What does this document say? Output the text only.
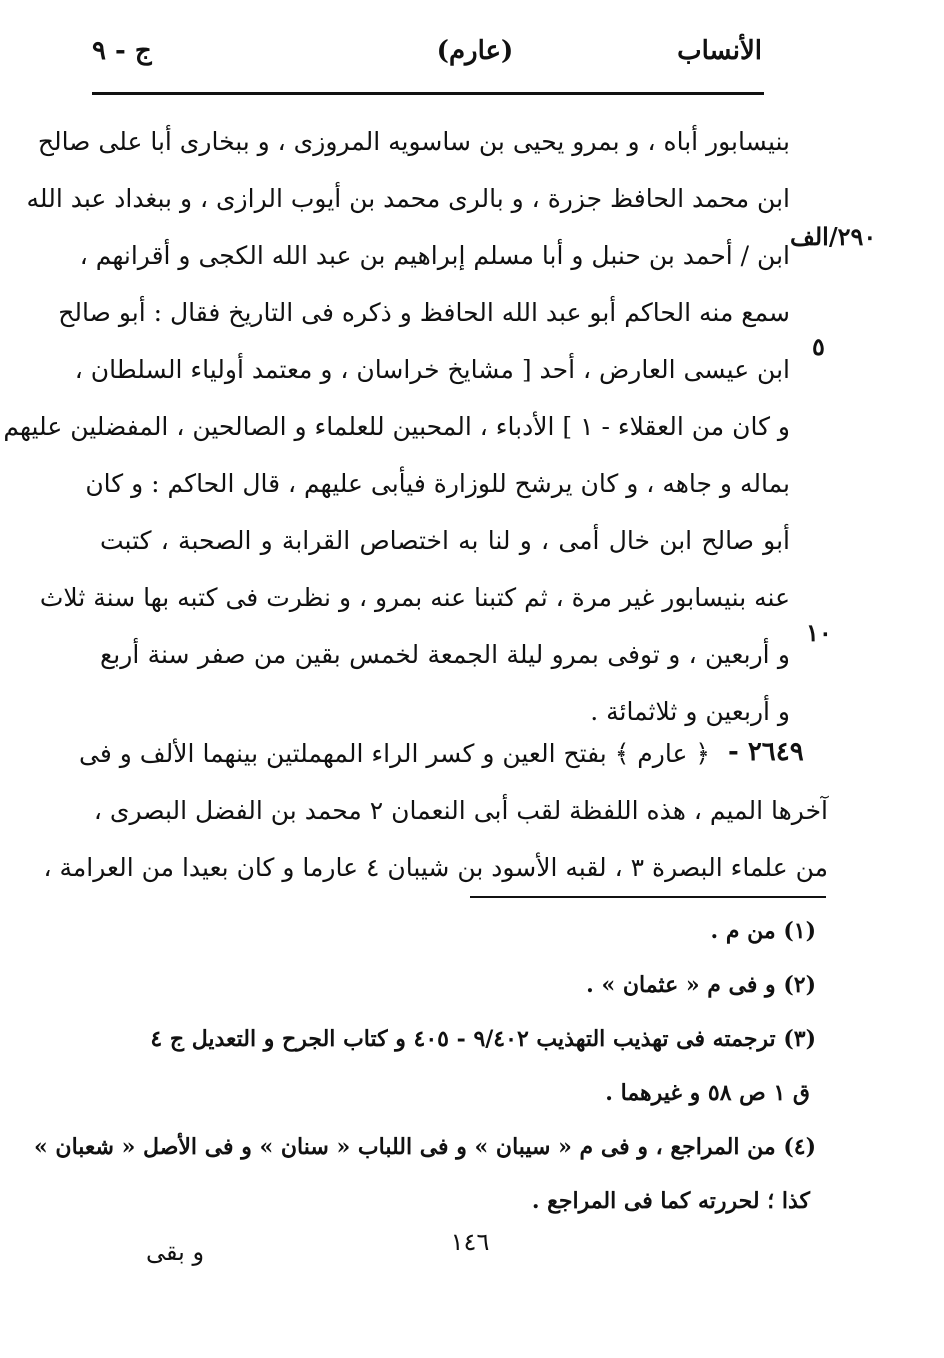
الأنساب
(عارم)
ج - ٩
٢٩٠/الف
٥
١٠
بنيسابور أباه ، و بمرو يحيى بن ساسويه المروزى ، و ببخارى أبا على صالح
ابن محمد الحافظ جزرة ، و بالرى محمد بن أيوب الرازى ، و ببغداد عبد الله
ابن / أحمد بن حنبل و أبا مسلم إبراهيم بن عبد الله الكجى و أقرانهم ،
سمع منه الحاكم أبو عبد الله الحافظ و ذكره فى التاريخ فقال : أبو صالح
ابن عيسى العارض ، أحد [ مشايخ خراسان ، و معتمد أولياء السلطان ،
و كان من العقلاء - ١ ] الأدباء ، المحبين للعلماء و الصالحين ، المفضلين عليهم
بماله و جاهه ، و كان يرشح للوزارة فيأبى عليهم ، قال الحاكم : و كان
أبو صالح ابن خال أمى ، و لنا به اختصاص القرابة و الصحبة ، كتبت
عنه بنيسابور غير مرة ، ثم كتبنا عنه بمرو ، و نظرت فى كتبه بها سنة ثلاث
و أربعين ، و توفى بمرو ليلة الجمعة لخمس بقين من صفر سنة أربع
و أربعين و ثلاثمائة .
٢٦٤٩ -
﴿ عارم ﴾ بفتح العين و كسر الراء المهملتين بينهما الألف و فى
آخرها الميم ، هذه اللفظة لقب أبى النعمان ٢ محمد بن الفضل البصرى ،
من علماء البصرة ٣ ، لقبه الأسود بن شيبان ٤ عارما و كان بعيدا من العرامة ،
(١) من م .
(٢) و فى م « عثمان » .
(٣) ترجمته فى تهذيب التهذيب ٩/٤٠٢ - ٤٠٥ و كتاب الجرح و التعديل ج ٤
ق ١ ص ٥٨ و غيرهما .
(٤) من المراجع ، و فى م « سيبان » و فى اللباب « سنان » و فى الأصل « شعبان »
كذا ؛ لحررته كما فى المراجع .
١٤٦
و بقى
